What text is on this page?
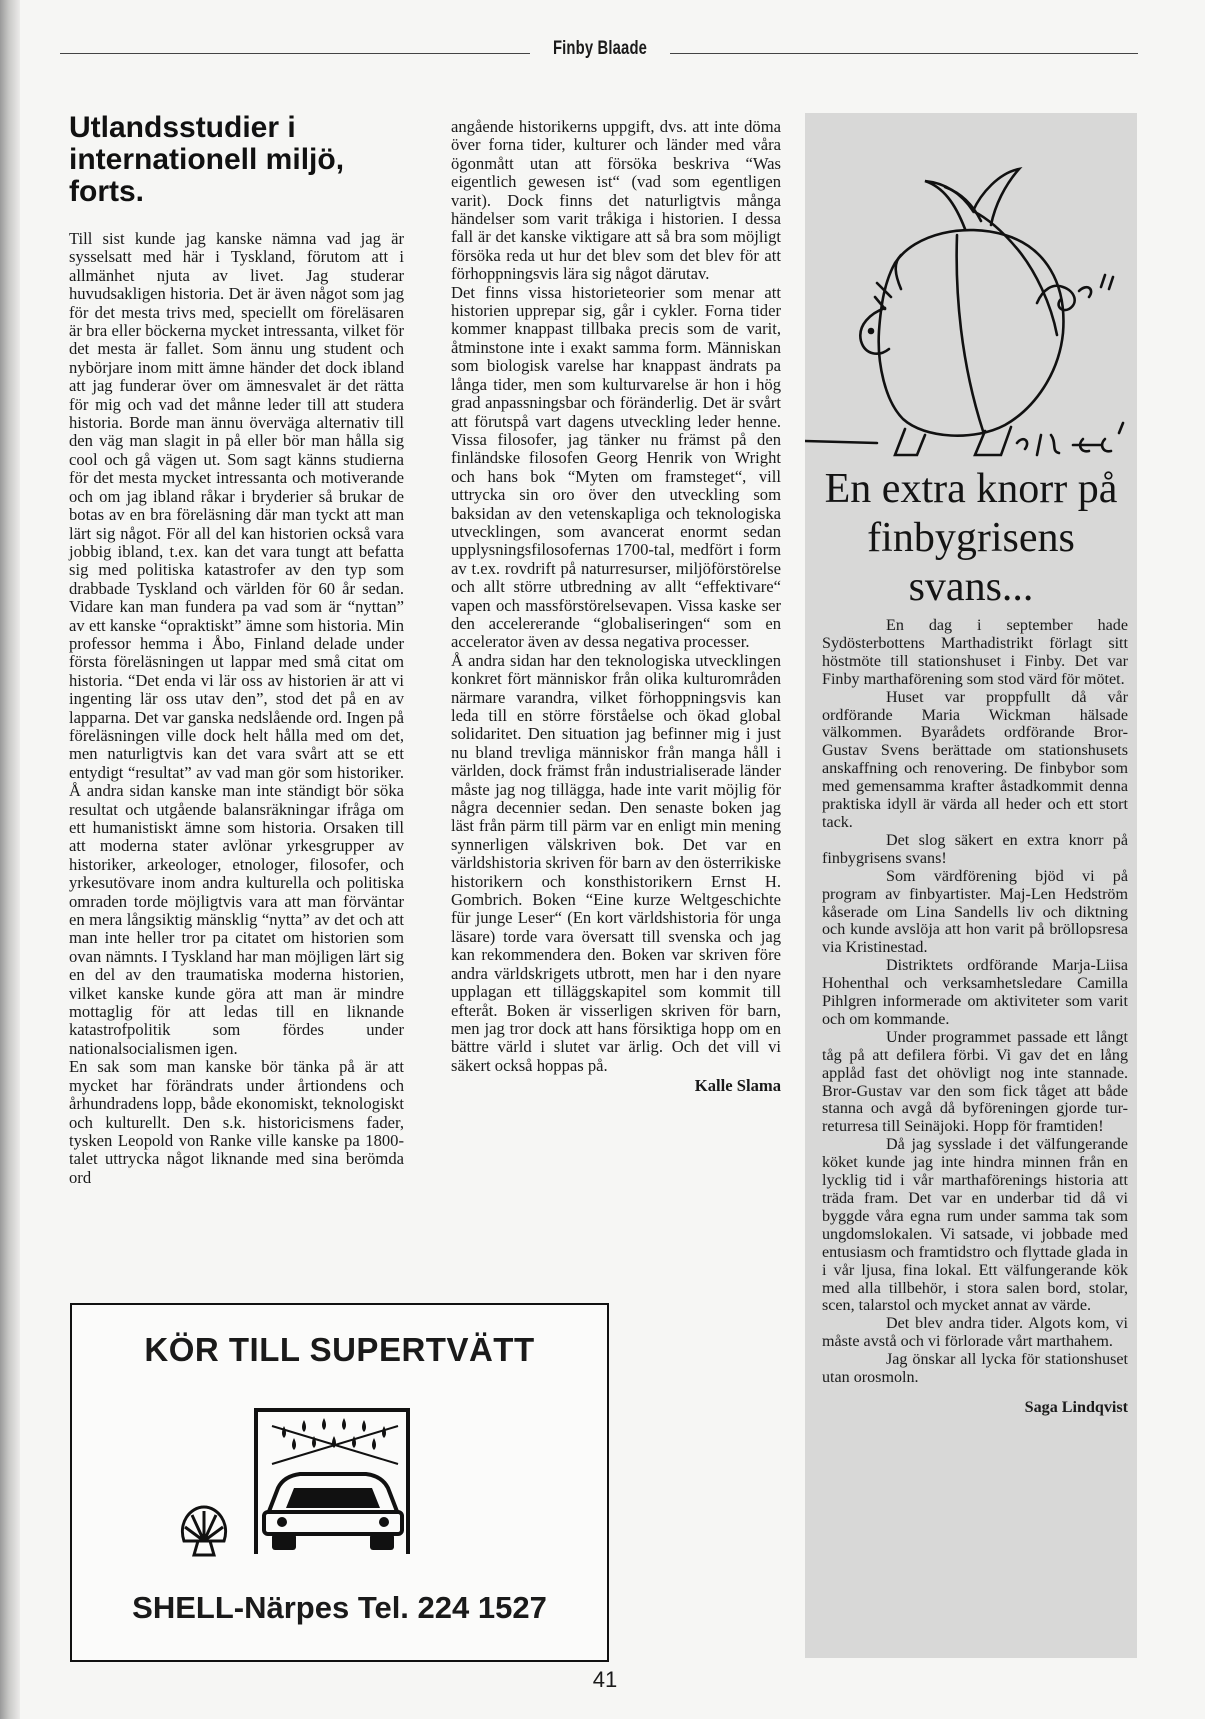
Finby Blaade
Utlandsstudier i internationell miljö, forts.

Till sist kunde jag kanske nämna vad jag är sysselsatt med här i Tyskland, förutom att i allmänhet njuta av livet. Jag studerar huvudsakligen historia. Det är även något som jag för det mesta trivs med, speciellt om föreläsaren är bra eller böckerna mycket intressanta, vilket för det mesta är fallet. Som ännu ung student och nybörjare inom mitt ämne händer det dock ibland att jag funderar över om ämnesvalet är det rätta för mig och vad det månne leder till att studera historia. Borde man ännu överväga alternativ till den väg man slagit in på eller bör man hålla sig cool och gå vägen ut. Som sagt känns studierna för det mesta mycket intressanta och motiverande och om jag ibland råkar i bryderier så brukar de botas av en bra föreläsning där man tyckt att man lärt sig något. För all del kan historien också vara jobbig ibland, t.ex. kan det vara tungt att befatta sig med politiska katastrofer av den typ som drabbade Tyskland och världen för 60 år sedan. Vidare kan man fundera pa vad som är “nyttan” av ett kanske “opraktiskt” ämne som historia. Min professor hemma i Åbo, Finland delade under första föreläsningen ut lappar med små citat om historia. “Det enda vi lär oss av historien är att vi ingenting lär oss utav den”, stod det på en av lapparna. Det var ganska nedslående ord. Ingen på föreläsningen ville dock helt hålla med om det, men naturligtvis kan det vara svårt att se ett entydigt “resultat” av vad man gör som historiker. Å andra sidan kanske man inte ständigt bör söka resultat och utgående balansräkningar ifråga om ett humanistiskt ämne som historia. Orsaken till att moderna stater avlönar yrkesgrupper av historiker, arkeologer, etnologer, filosofer, och yrkesutövare inom andra kulturella och politiska omraden torde möjligtvis vara att man förväntar en mera långsiktig mänsklig “nytta” av det och att man inte heller tror pa citatet om historien som ovan nämnts. I Tyskland har man möjligen lärt sig en del av den traumatiska moderna historien, vilket kanske kunde göra att man är mindre mottaglig för att ledas till en liknande katastrofpolitik som fördes under nationalsocialismen igen.

En sak som man kanske bör tänka på är att mycket har förändrats under årtiondens och århundradens lopp, både ekonomiskt, teknologiskt och kulturellt. Den s.k. historicismens fader, tysken Leopold von Ranke ville kanske pa 1800-talet uttrycka något liknande med sina berömda ord

angående historikerns uppgift, dvs. att inte döma över forna tider, kulturer och länder med våra ögonmått utan att försöka beskriva “Was eigentlich gewesen ist“ (vad som egentligen varit). Dock finns det naturligtvis många händelser som varit tråkiga i historien. I dessa fall är det kanske viktigare att så bra som möjligt försöka reda ut hur det blev som det blev för att förhoppningsvis lära sig något därutav.

Det finns vissa historieteorier som menar att historien upprepar sig, går i cykler. Forna tider kommer knappast tillbaka precis som de varit, åtminstone inte i exakt samma form. Människan som biologisk varelse har knappast ändrats pa långa tider, men som kulturvarelse är hon i hög grad anpassningsbar och föränderlig. Det är svårt att förutspå vart dagens utveckling leder henne. Vissa filosofer, jag tänker nu främst på den finländske filosofen Georg Henrik von Wright och hans bok “Myten om framsteget“, vill uttrycka sin oro över den utveckling som baksidan av den vetenskapliga och teknologiska utvecklingen, som avancerat enormt sedan upplysningsfilosofernas 1700-tal, medfört i form av t.ex. rovdrift på naturresurser, miljöförstörelse och allt större utbredning av allt “effektivare“ vapen och massförstörelsevapen. Vissa kaske ser den accelererande “globaliseringen“ som en accelerator även av dessa negativa processer.

Å andra sidan har den teknologiska utvecklingen konkret fört människor från olika kulturområden närmare varandra, vilket förhoppningsvis kan leda till en större förståelse och ökad global solidaritet. Den situation jag befinner mig i just nu bland trevliga människor från manga håll i världen, dock främst från industrialiserade länder måste jag nog tillägga, hade inte varit möjlig för några decennier sedan. Den senaste boken jag läst från pärm till pärm var en enligt min mening synnerligen välskriven bok. Det var en världshistoria skriven för barn av den österrikiske historikern och konsthistorikern Ernst H. Gombrich. Boken “Eine kurze Weltgeschichte für junge Leser“ (En kort världshistoria för unga läsare) torde vara översatt till svenska och jag kan rekommendera den. Boken var skriven före andra världskrigets utbrott, men har i den nyare upplagan ett tilläggskapitel som kommit till efteråt. Boken är visserligen skriven för barn, men jag tror dock att hans försiktiga hopp om en bättre värld i slutet var ärlig. Och det vill vi säkert också hoppas på.

Kalle Slama

KÖR TILL SUPERTVÄTT
SHELL-Närpes Tel. 224 1527
En extra knorr på finbygrisens svans...

En dag i september hade Sydösterbottens Marthadistrikt förlagt sitt höstmöte till stationshuset i Finby. Det var Finby marthaförening som stod värd för mötet.

Huset var proppfullt då vår ordförande Maria Wickman hälsade välkommen. Byarådets ordförande Bror-Gustav Svens berättade om stationshusets anskaffning och renovering. De finbybor som med gemensamma krafter åstadkommit denna praktiska idyll är värda all heder och ett stort tack.

Det slog säkert en extra knorr på finbygrisens svans!

Som värdförening bjöd vi på program av finbyartister. Maj-Len Hedström kåserade om Lina Sandells liv och diktning och kunde avslöja att hon varit på bröllopsresa via Kristinestad.

Distriktets ordförande Marja-Liisa Hohenthal och verksamhetsledare Camilla Pihlgren informerade om aktiviteter som varit och om kommande.

Under programmet passade ett långt tåg på att defilera förbi. Vi gav det en lång applåd fast det ohövligt nog inte stannade. Bror-Gustav var den som fick tåget att både stanna och avgå då byföreningen gjorde tur-returresa till Seinäjoki. Hopp för framtiden!

Då jag sysslade i det välfungerande köket kunde jag inte hindra minnen från en lycklig tid i vår marthaförenings historia att träda fram. Det var en underbar tid då vi byggde våra egna rum under samma tak som ungdomslokalen. Vi satsade, vi jobbade med entusiasm och framtidstro och flyttade glada in i vår ljusa, fina lokal. Ett välfungerande kök med alla tillbehör, i stora salen bord, stolar, scen, talarstol och mycket annat av värde.

Det blev andra tider. Algots kom, vi måste avstå och vi förlorade vårt marthahem.

Jag önskar all lycka för stationshuset utan orosmoln.

Saga Lindqvist

41
